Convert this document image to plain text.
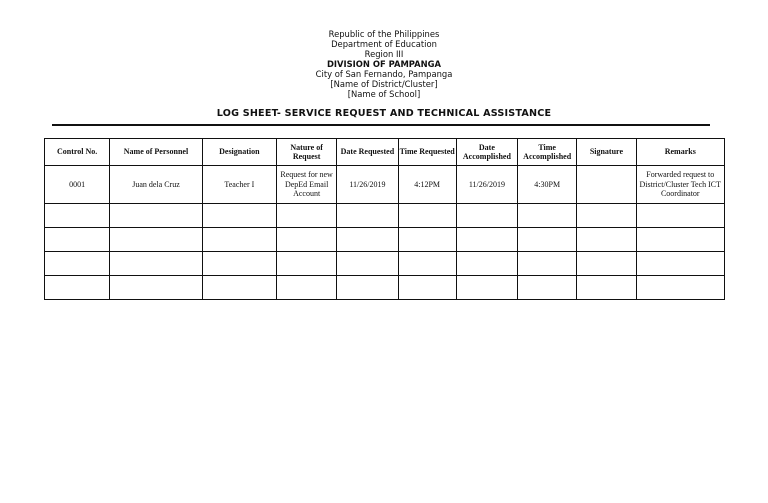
Republic of the Philippines
Department of Education
Region III
DIVISION OF PAMPANGA
City of San Fernando, Pampanga
[Name of District/Cluster]
[Name of School]
LOG SHEET- SERVICE REQUEST AND TECHNICAL ASSISTANCE
Control No.	Name of Personnel	Designation	Nature of Request	Date Requested	Time Requested	Date Accomplished	Time Accomplished	Signature	Remarks
0001	Juan dela Cruz	Teacher I	Request for new DepEd Email Account	11/26/2019	4:12PM	11/26/2019	4:30PM		Forwarded request to District/Cluster Tech ICT Coordinator
